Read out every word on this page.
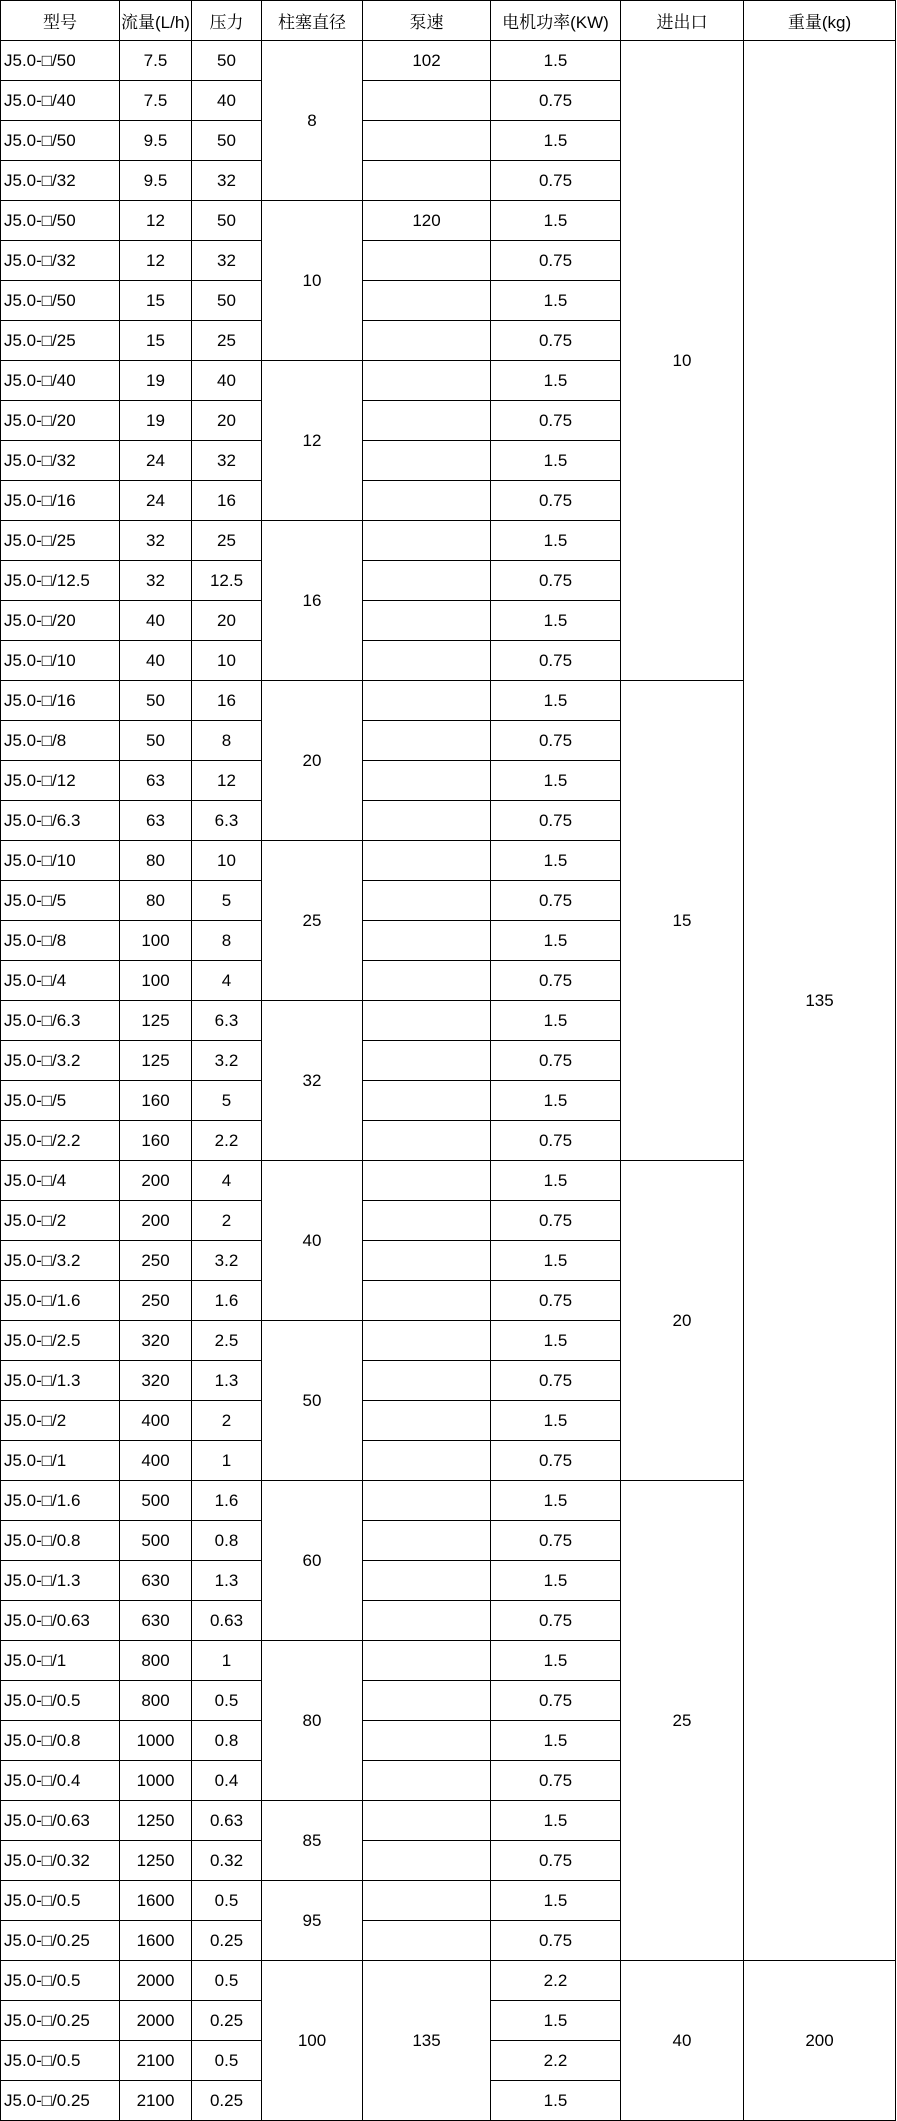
型号	流量(L/h)	压力	柱塞直径	泵速	电机功率(KW)	进出口	重量(kg)
J5.0-□/50	7.5	50	8	102	1.5	10	135
J5.0-□/40	7.5	40			0.75		
J5.0-□/50	9.5	50			1.5		
J5.0-□/32	9.5	32			0.75		
J5.0-□/50	12	50	10	120	1.5		
J5.0-□/32	12	32			0.75		
J5.0-□/50	15	50			1.5		
J5.0-□/25	15	25			0.75		
J5.0-□/40	19	40	12		1.5		
J5.0-□/20	19	20			0.75		
J5.0-□/32	24	32			1.5		
J5.0-□/16	24	16			0.75		
J5.0-□/25	32	25	16		1.5		
J5.0-□/12.5	32	12.5			0.75		
J5.0-□/20	40	20			1.5		
J5.0-□/10	40	10			0.75		
J5.0-□/16	50	16	20		1.5	15	
J5.0-□/8	50	8			0.75		
J5.0-□/12	63	12			1.5		
J5.0-□/6.3	63	6.3			0.75		
J5.0-□/10	80	10	25		1.5		
J5.0-□/5	80	5			0.75		
J5.0-□/8	100	8			1.5		
J5.0-□/4	100	4			0.75		
J5.0-□/6.3	125	6.3	32		1.5		
J5.0-□/3.2	125	3.2			0.75		
J5.0-□/5	160	5			1.5		
J5.0-□/2.2	160	2.2			0.75		
J5.0-□/4	200	4	40		1.5	20	
J5.0-□/2	200	2			0.75		
J5.0-□/3.2	250	3.2			1.5		
J5.0-□/1.6	250	1.6			0.75		
J5.0-□/2.5	320	2.5	50		1.5		
J5.0-□/1.3	320	1.3			0.75		
J5.0-□/2	400	2			1.5		
J5.0-□/1	400	1			0.75		
J5.0-□/1.6	500	1.6	60		1.5	25	
J5.0-□/0.8	500	0.8			0.75		
J5.0-□/1.3	630	1.3			1.5		
J5.0-□/0.63	630	0.63			0.75		
J5.0-□/1	800	1	80		1.5		
J5.0-□/0.5	800	0.5			0.75		
J5.0-□/0.8	1000	0.8			1.5		
J5.0-□/0.4	1000	0.4			0.75		
J5.0-□/0.63	1250	0.63	85		1.5		
J5.0-□/0.32	1250	0.32			0.75		
J5.0-□/0.5	1600	0.5	95		1.5		
J5.0-□/0.25	1600	0.25			0.75		
J5.0-□/0.5	2000	0.5	100	135	2.2	40	200
J5.0-□/0.25	2000	0.25			1.5		
J5.0-□/0.5	2100	0.5			2.2		
J5.0-□/0.25	2100	0.25			1.5		
